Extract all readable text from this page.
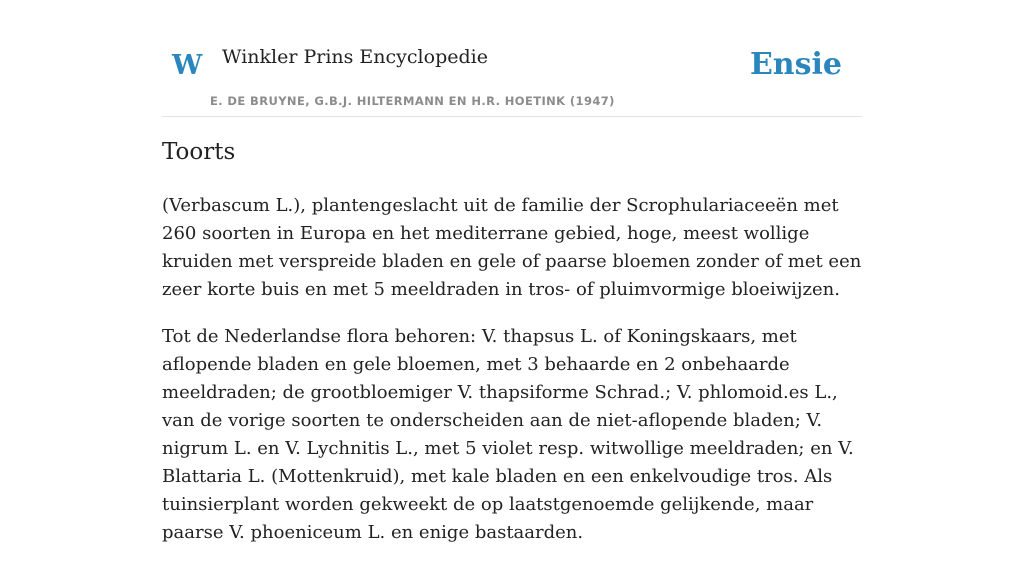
W Winkler Prins Encyclopedie
E. DE BRUYNE, G.B.J. HILTERMANN EN H.R. HOETINK (1947)
Ensie
Toorts

(Verbascum L.), plantengeslacht uit de familie der Scrophulariaceeën met 260 soorten in Europa en het mediterrane gebied, hoge, meest wollige kruiden met verspreide bladen en gele of paarse bloemen zonder of met een zeer korte buis en met 5 meeldraden in tros- of pluimvormige bloeiwijzen.

Tot de Nederlandse flora behoren: V. thapsus L. of Koningskaars, met aflopende bladen en gele bloemen, met 3 behaarde en 2 onbehaarde meeldraden; de grootbloemiger V. thapsiforme Schrad.; V. phlomoid.es L., van de vorige soorten te onderscheiden aan de niet-aflopende bladen; V. nigrum L. en V. Lychnitis L., met 5 violet resp. witwollige meeldraden; en V. Blattaria L. (Mottenkruid), met kale bladen en een enkelvoudige tros. Als tuinsierplant worden gekweekt de op laatstgenoemde gelijkende, maar paarse V. phoeniceum L. en enige bastaarden.
